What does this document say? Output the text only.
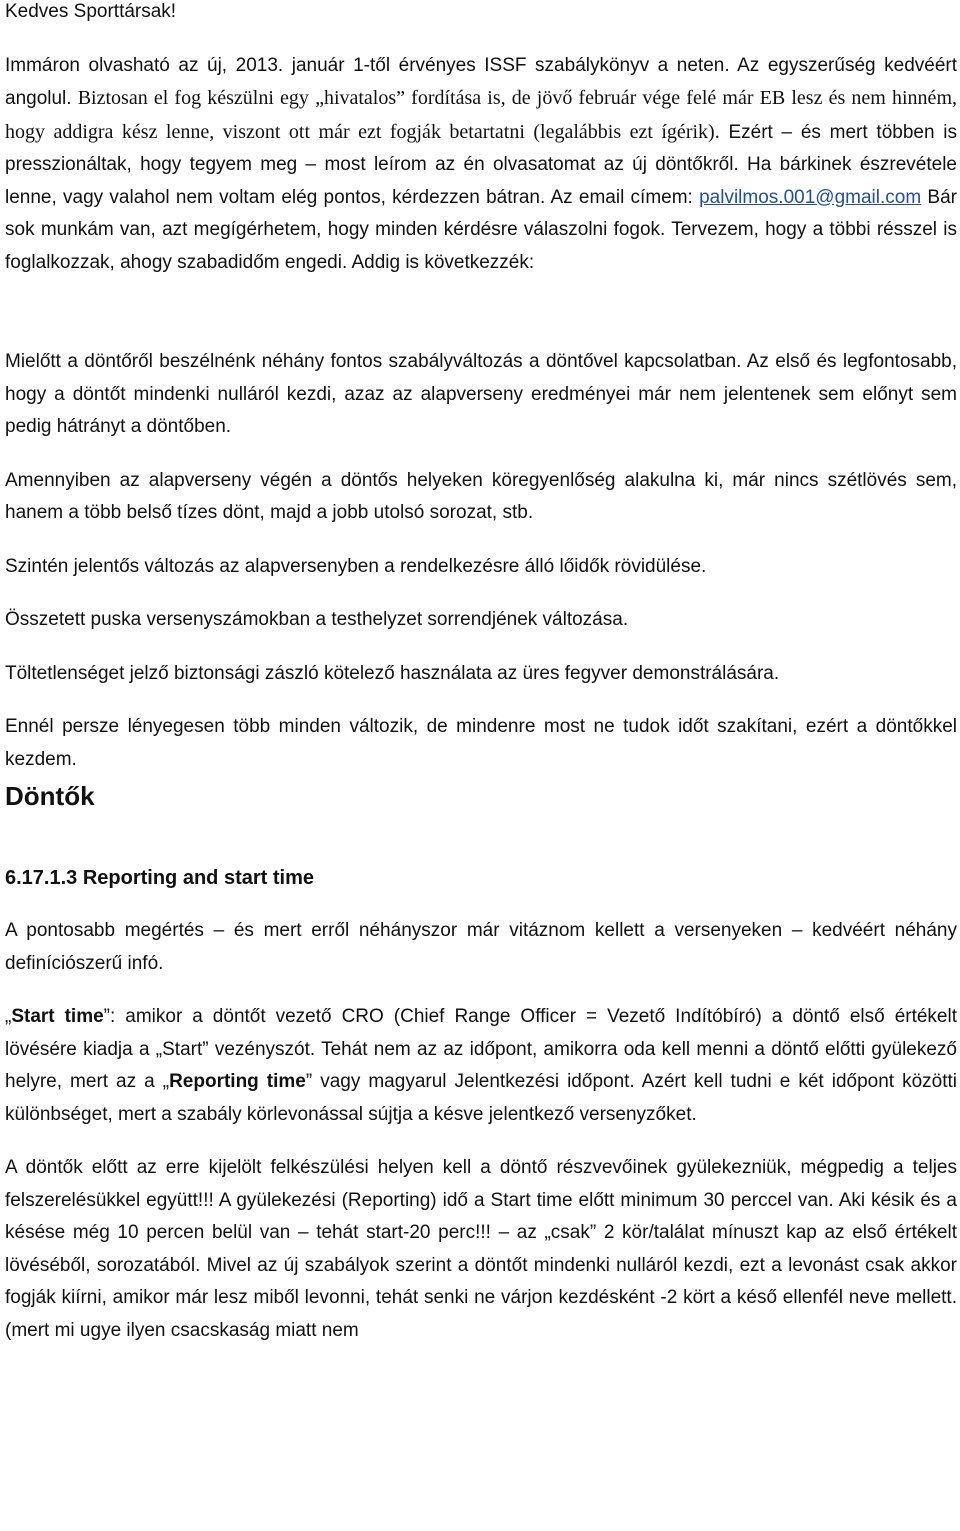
Kedves Sporttársak!

Immáron olvasható az új, 2013. január 1-től érvényes ISSF szabálykönyv a neten. Az egyszerűség kedvéért angolul. Biztosan el fog készülni egy „hivatalos” fordítása is, de jövő február vége felé már EB lesz és nem hinném, hogy addigra kész lenne, viszont ott már ezt fogják betartatni (legalábbis ezt ígérik). Ezért – és mert többen is presszionáltak, hogy tegyem meg – most leírom az én olvasatomat az új döntőkről. Ha bárkinek észrevétele lenne, vagy valahol nem voltam elég pontos, kérdezzen bátran. Az email címem: palvilmos.001@gmail.com Bár sok munkám van, azt megígérhetem, hogy minden kérdésre válaszolni fogok. Tervezem, hogy a többi résszel is foglalkozzak, ahogy szabadidőm engedi. Addig is következzék:

Mielőtt a döntőről beszélnénk néhány fontos szabályváltozás a döntővel kapcsolatban. Az első és legfontosabb, hogy a döntőt mindenki nulláról kezdi, azaz az alapverseny eredményei már nem jelentenek sem előnyt sem pedig hátrányt a döntőben.

Amennyiben az alapverseny végén a döntős helyeken köregyenlőség alakulna ki, már nincs szétlövés sem, hanem a több belső tízes dönt, majd a jobb utolsó sorozat, stb.

Szintén jelentős változás az alapversenyben a rendelkezésre álló lőidők rövidülése.

Összetett puska versenyszámokban a testhelyzet sorrendjének változása.

Töltetlenséget jelző biztonsági zászló kötelező használata az üres fegyver demonstrálására.

Ennél persze lényegesen több minden változik, de mindenre most ne tudok időt szakítani, ezért a döntőkkel kezdem.

Döntők
6.17.1.3 Reporting and start time

A pontosabb megértés – és mert erről néhányszor már vitáznom kellett a versenyeken – kedvéért néhány definíciószerű infó.

„Start time”: amikor a döntőt vezető CRO (Chief Range Officer = Vezető Indítóbíró) a döntő első értékelt lövésére kiadja a „Start” vezényszót. Tehát nem az az időpont, amikorra oda kell menni a döntő előtti gyülekező helyre, mert az a „Reporting time” vagy magyarul Jelentkezési időpont. Azért kell tudni e két időpont közötti különbséget, mert a szabály körlevonással sújtja a késve jelentkező versenyzőket.

A döntők előtt az erre kijelölt felkészülési helyen kell a döntő részvevőinek gyülekezniük, mégpedig a teljes felszerelésükkel együtt!!! A gyülekezési (Reporting) idő a Start time előtt minimum 30 perccel van. Aki késik és a késése még 10 percen belül van – tehát start-20 perc!!! – az „csak” 2 kör/találat mínuszt kap az első értékelt lövéséből, sorozatából. Mivel az új szabályok szerint a döntőt mindenki nulláról kezdi, ezt a levonást csak akkor fogják kiírni, amikor már lesz miből levonni, tehát senki ne várjon kezdésként -2 kört a késő ellenfél neve mellett. (mert mi ugye ilyen csacskaság miatt nem
